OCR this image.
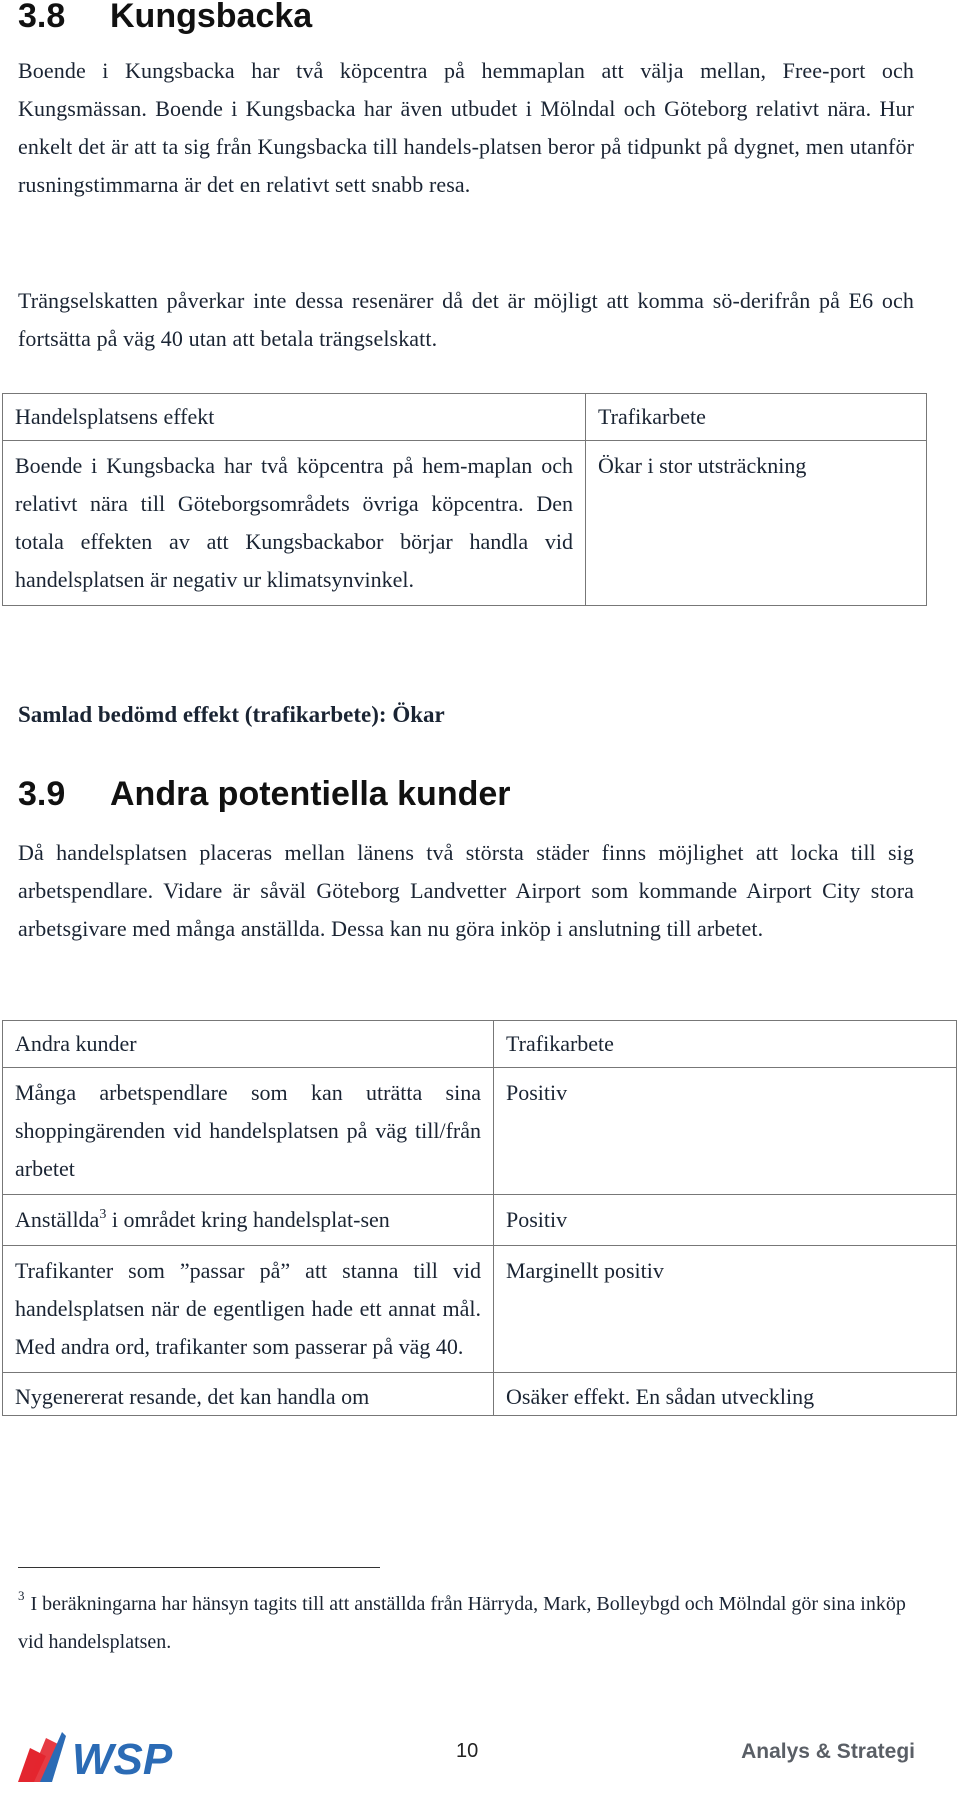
3.8 Kungsbacka
Boende i Kungsbacka har två köpcentra på hemmaplan att välja mellan, Free-port och Kungsmässan. Boende i Kungsbacka har även utbudet i Mölndal och Göteborg relativt nära. Hur enkelt det är att ta sig från Kungsbacka till handels-platsen beror på tidpunkt på dygnet, men utanför rusningstimmarna är det en relativt sett snabb resa.
Trängselskatten påverkar inte dessa resenärer då det är möjligt att komma sö-derifrån på E6 och fortsätta på väg 40 utan att betala trängselskatt.
Handelsplatsens effekt	Trafikarbete
Boende i Kungsbacka har två köpcentra på hem-maplan och relativt nära till Göteborgsområdets övriga köpcentra. Den totala effekten av att Kungsbackabor börjar handla vid handelsplatsen är negativ ur klimatsynvinkel.	Ökar i stor utsträckning
Samlad bedömd effekt (trafikarbete): Ökar
3.9 Andra potentiella kunder
Då handelsplatsen placeras mellan länens två största städer finns möjlighet att locka till sig arbetspendlare. Vidare är såväl Göteborg Landvetter Airport som kommande Airport City stora arbetsgivare med många anställda. Dessa kan nu göra inköp i anslutning till arbetet.
Andra kunder	Trafikarbete
Många arbetspendlare som kan uträtta sina shoppingärenden vid handelsplatsen på väg till/från arbetet	Positiv
Anställda$^3$ i området kring handelsplat-sen	Positiv
Trafikanter som ”passar på” att stanna till vid handelsplatsen när de egentligen hade ett annat mål. Med andra ord, trafikanter som passerar på väg 40.	Marginellt positiv
Nygenererat resande, det kan handla om	Osäker effekt. En sådan utveckling
$^3$ I beräkningarna har hänsyn tagits till att anställda från Härryda, Mark, Bolleybgd och Mölndal gör sina inköp vid handelsplatsen.
WSP	10	Analys & Strategi
